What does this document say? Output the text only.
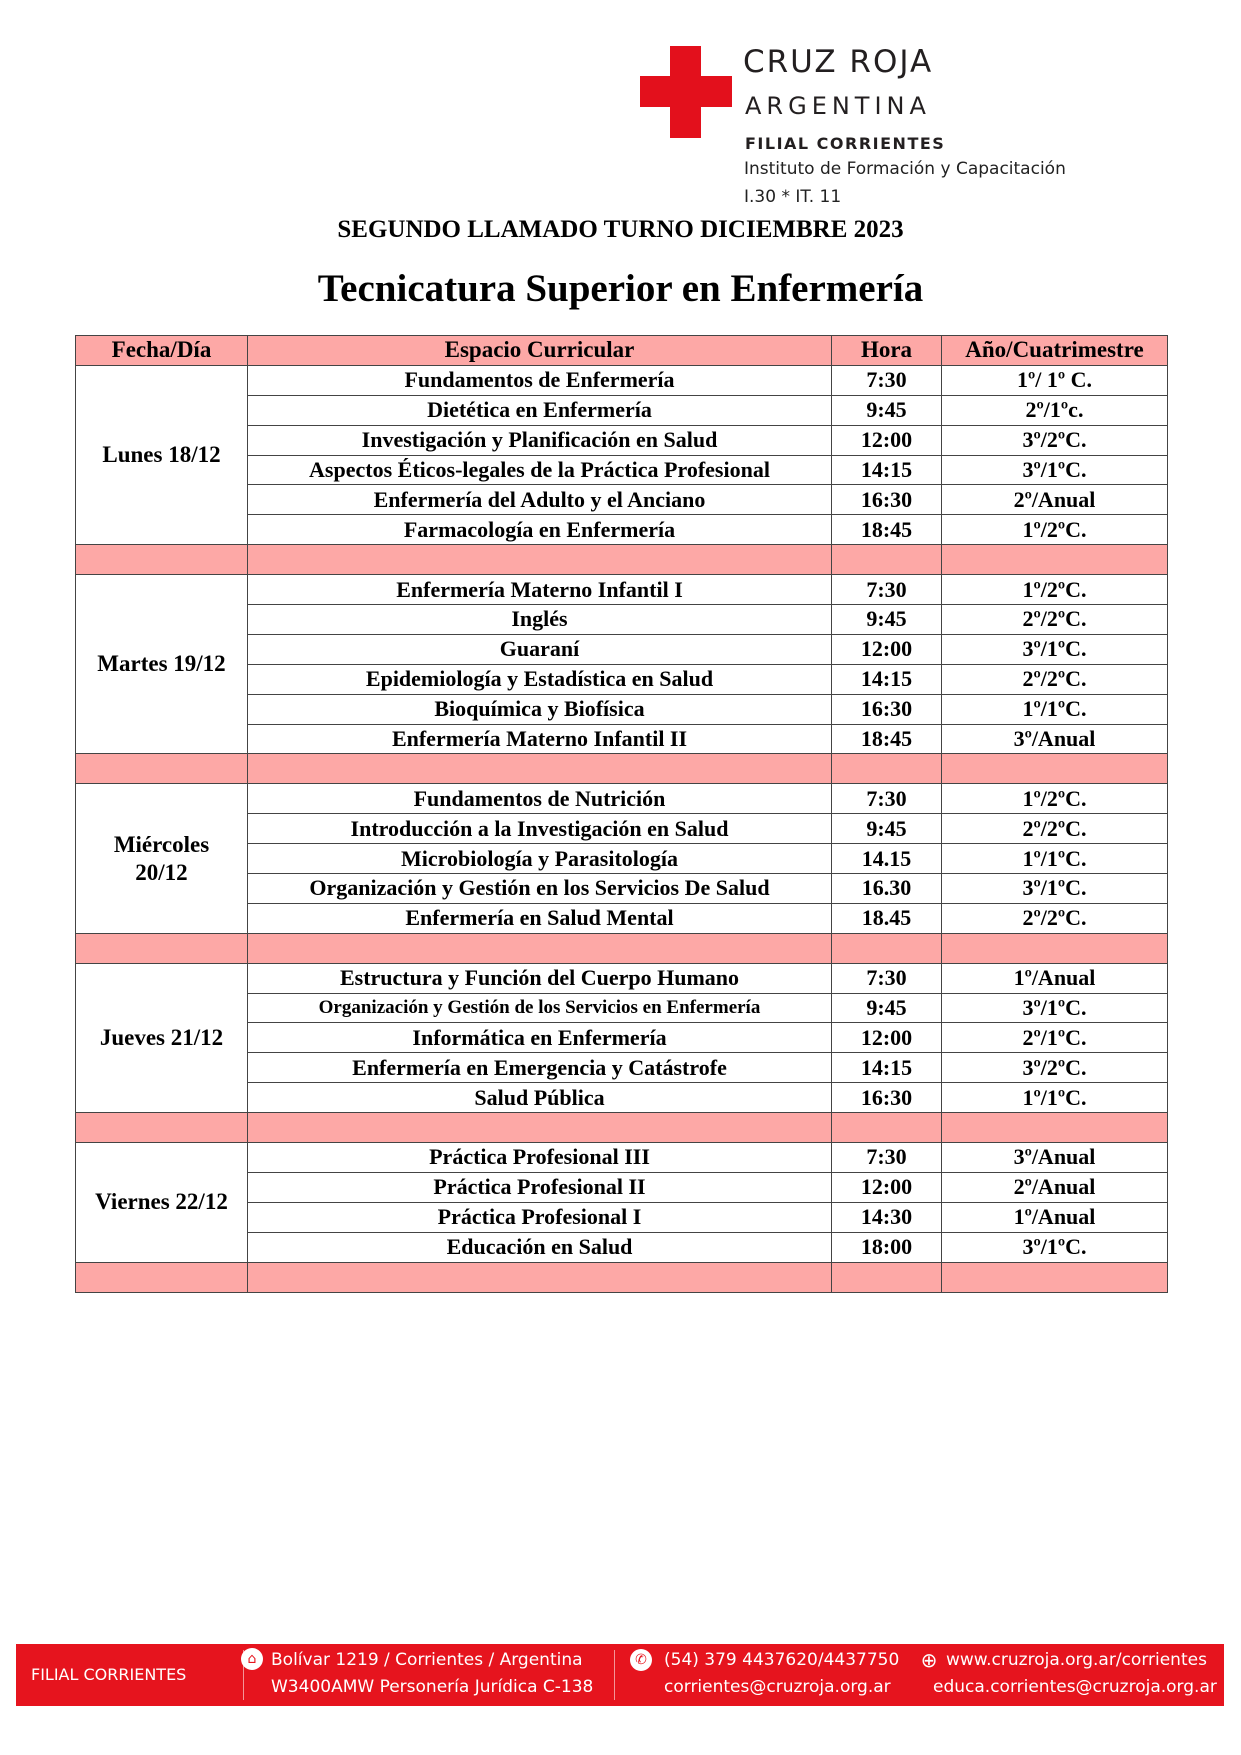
CRUZ ROJA
ARGENTINA
FILIAL CORRIENTES
Instituto de Formación y Capacitación
I.30 * IT. 11
SEGUNDO LLAMADO TURNO DICIEMBRE 2023
Tecnicatura Superior en Enfermería
Fecha/Día	Espacio Curricular	Hora	Año/Cuatrimestre
Lunes 18/12	Fundamentos de Enfermería	7:30	1º/ 1º C.
	Dietética en Enfermería	9:45	2º/1ºc.
	Investigación y Planificación en Salud	12:00	3º/2ºC.
	Aspectos Éticos-legales de la Práctica Profesional	14:15	3º/1ºC.
	Enfermería del Adulto y el Anciano	16:30	2º/Anual
	Farmacología en Enfermería	18:45	1º/2ºC.

Martes 19/12	Enfermería Materno Infantil I	7:30	1º/2ºC.
	Inglés	9:45	2º/2ºC.
	Guaraní	12:00	3º/1ºC.
	Epidemiología y Estadística en Salud	14:15	2º/2ºC.
	Bioquímica y Biofísica	16:30	1º/1ºC.
	Enfermería Materno Infantil II	18:45	3º/Anual

Miércoles
20/12	Fundamentos de Nutrición	7:30	1º/2ºC.
	Introducción a la Investigación en Salud	9:45	2º/2ºC.
	Microbiología y Parasitología	14.15	1º/1ºC.
	Organización y Gestión en los Servicios De Salud	16.30	3º/1ºC.
	Enfermería en Salud Mental	18.45	2º/2ºC.

Jueves 21/12	Estructura y Función del Cuerpo Humano	7:30	1º/Anual
	Organización y Gestión de los Servicios en Enfermería	9:45	3º/1ºC.
	Informática en Enfermería	12:00	2º/1ºC.
	Enfermería en Emergencia y Catástrofe	14:15	3º/2ºC.
	Salud Pública	16:30	1º/1ºC.

Viernes 22/12	Práctica Profesional III	7:30	3º/Anual
	Práctica Profesional II	12:00	2º/Anual
	Práctica Profesional I	14:30	1º/Anual
	Educación en Salud	18:00	3º/1ºC.

FILIAL CORRIENTES
⌂ Bolívar 1219 / Corrientes / Argentina
W3400AMW Personería Jurídica C-138
✆	(54) 379 4437620/4437750
corrientes@cruzroja.org.ar
⊕ www.cruzroja.org.ar/corrientes
educa.corrientes@cruzroja.org.ar
